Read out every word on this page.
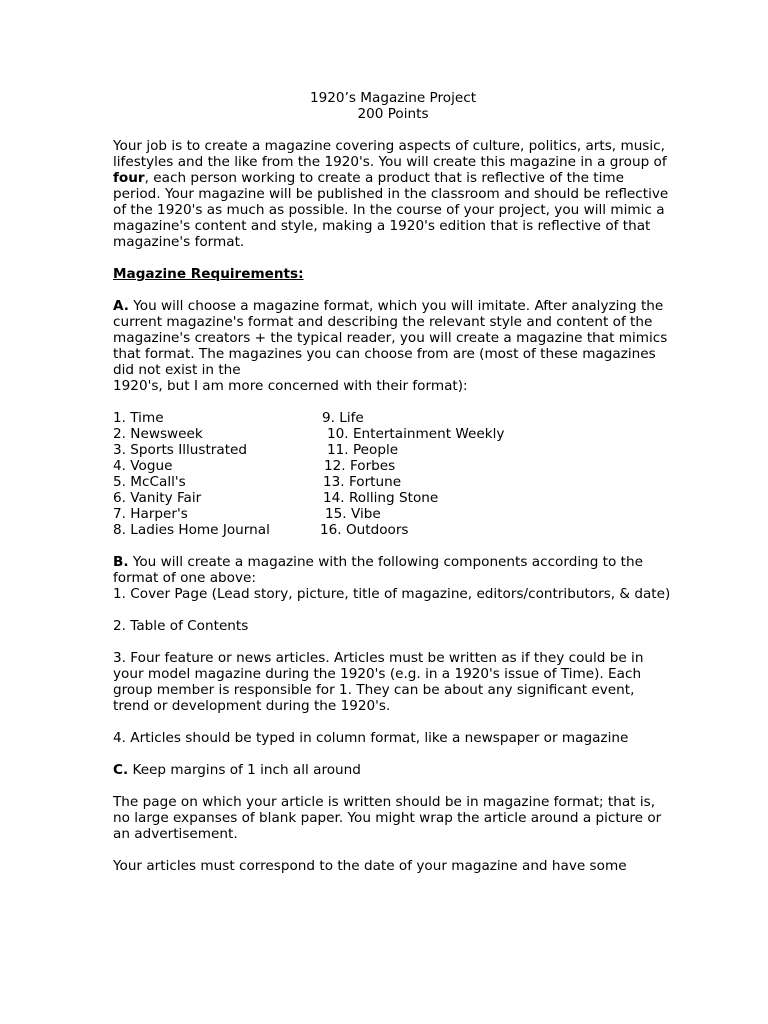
1920’s Magazine Project

200 Points

Your job is to create a magazine covering aspects of culture, politics, arts, music, lifestyles and the like from the 1920's. You will create this magazine in a group of four, each person working to create a product that is reflective of the time period. Your magazine will be published in the classroom and should be reflective of the 1920's as much as possible. In the course of your project, you will mimic a magazine's content and style, making a 1920's edition that is reflective of that magazine's format.

Magazine Requirements:

A. You will choose a magazine format, which you will imitate. After analyzing the current magazine's format and describing the relevant style and content of the magazine's creators + the typical reader, you will create a magazine that mimics that format. The magazines you can choose from are (most of these magazines did not exist in the
1920's, but I am more concerned with their format):

1. Time	9. Life
2. Newsweek	10. Entertainment Weekly
3. Sports Illustrated	11. People
4. Vogue	12. Forbes
5. McCall's	13. Fortune
6. Vanity Fair	14. Rolling Stone
7. Harper's	15. Vibe
8. Ladies Home Journal	16. Outdoors

B. You will create a magazine with the following components according to the format of one above:

1. Cover Page (Lead story, picture, title of magazine, editors/contributors, & date)

2. Table of Contents

3. Four feature or news articles. Articles must be written as if they could be in your model magazine during the 1920's (e.g. in a 1920's issue of Time). Each group member is responsible for 1. They can be about any significant event, trend or development during the 1920's.

4. Articles should be typed in column format, like a newspaper or magazine

C. Keep margins of 1 inch all around

The page on which your article is written should be in magazine format; that is, no large expanses of blank paper. You might wrap the article around a picture or an advertisement.

Your articles must correspond to the date of your magazine and have some
